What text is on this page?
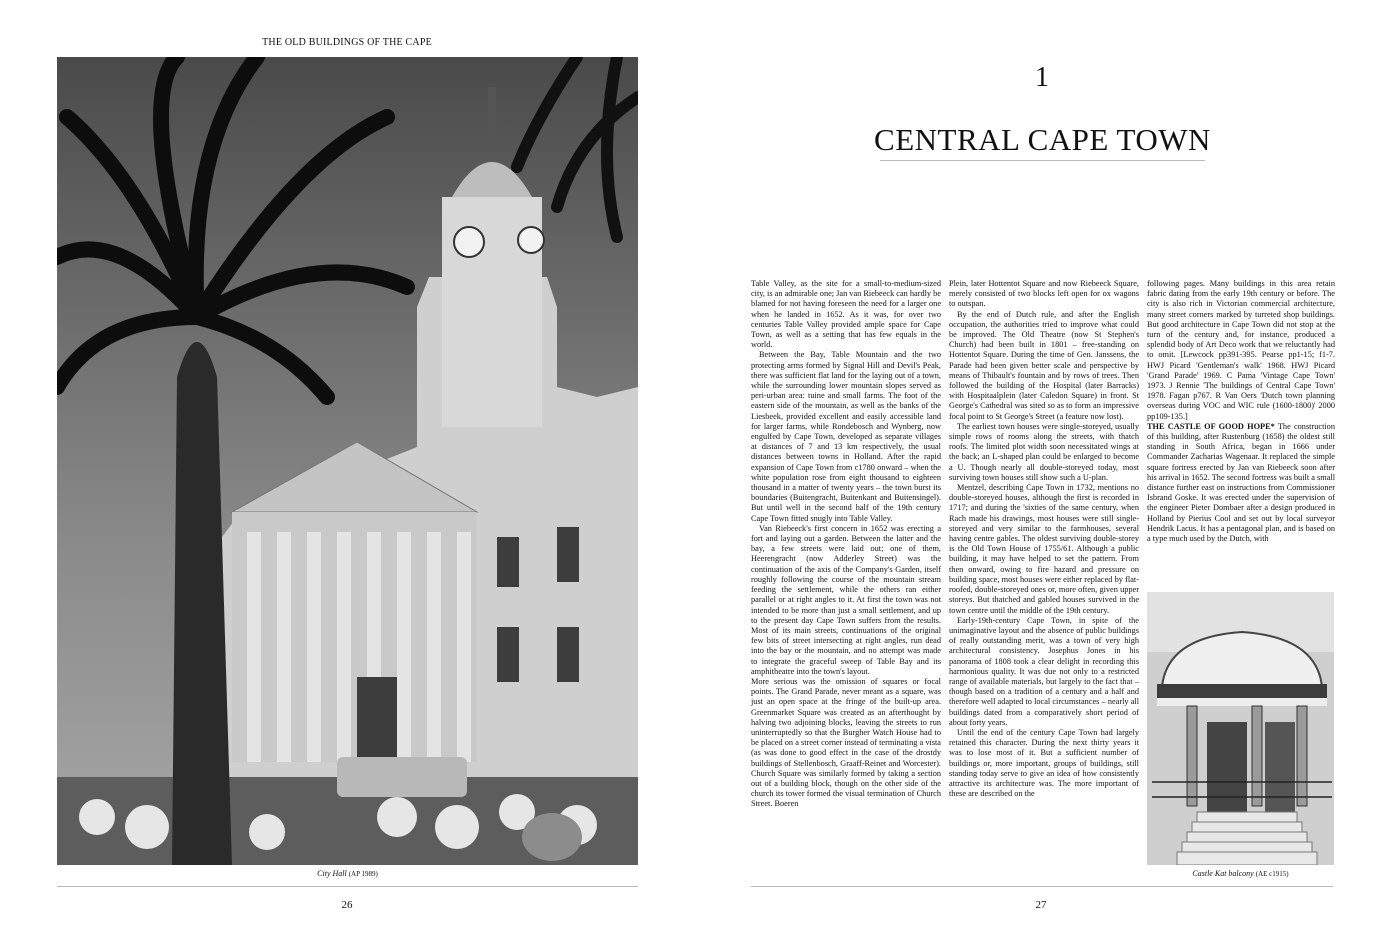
THE OLD BUILDINGS OF THE CAPE
City Hall (AP 1989)
26
1
CENTRAL CAPE TOWN

Table Valley, as the site for a small-to-medium-sized city, is an admirable one; Jan van Riebeeck can hardly be blamed for not having foreseen the need for a larger one when he landed in 1652. As it was, for over two centuries Table Valley provided ample space for Cape Town, as well as a setting that has few equals in the world.

Between the Bay, Table Mountain and the two protecting arms formed by Signal Hill and Devil's Peak, there was sufficient flat land for the laying out of a town, while the surrounding lower mountain slopes served as peri-urban area: tuine and small farms. The foot of the eastern side of the mountain, as well as the banks of the Liesbeek, provided excellent and easily accessible land for larger farms, while Rondebosch and Wynberg, now engulfed by Cape Town, developed as separate villages at distances of 7 and 13 km respectively, the usual distances between towns in Holland. After the rapid expansion of Cape Town from c1780 onward – when the white population rose from eight thousand to eighteen thousand in a matter of twenty years – the town burst its boundaries (Buitengracht, Buitenkant and Buitensingel). But until well in the second half of the 19th century Cape Town fitted snugly into Table Valley.

Van Riebeeck's first concern in 1652 was erecting a fort and laying out a garden. Between the latter and the bay, a few streets were laid out; one of them, Heerengracht (now Adderley Street) was the continuation of the axis of the Company's Garden, itself roughly following the course of the mountain stream feeding the settlement, while the others ran either parallel or at right angles to it. At first the town was not intended to be more than just a small settlement, and up to the present day Cape Town suffers from the results. Most of its main streets, continuations of the original few bits of street intersecting at right angles, run dead into the bay or the mountain, and no attempt was made to integrate the graceful sweep of Table Bay and its amphitheatre into the town's layout.

More serious was the omission of squares or focal points. The Grand Parade, never meant as a square, was just an open space at the fringe of the built-up area. Greenmarket Square was created as an afterthought by halving two adjoining blocks, leaving the streets to run uninterruptedly so that the Burgher Watch House had to be placed on a street corner instead of terminating a vista (as was done to good effect in the case of the drostdy buildings of Stellenbosch, Graaff-Reinet and Worcester). Church Square was similarly formed by taking a section out of a building block, though on the other side of the church its tower formed the visual termination of Church Street. Boeren

Plein, later Hottentot Square and now Riebeeck Square, merely consisted of two blocks left open for ox wagons to outspan.

By the end of Dutch rule, and after the English occupation, the authorities tried to improve what could be improved. The Old Theatre (now St Stephen's Church) had been built in 1801 – free-standing on Hottentot Square. During the time of Gen. Janssens, the Parade had been given better scale and perspective by means of Thibault's fountain and by rows of trees. Then followed the building of the Hospital (later Barracks) with Hospitaalplein (later Caledon Square) in front. St George's Cathedral was sited so as to form an impressive focal point to St George's Street (a feature now lost).

The earliest town houses were single-storeyed, usually simple rows of rooms along the streets, with thatch roofs. The limited plot width soon necessitated wings at the back; an L-shaped plan could be enlarged to become a U. Though nearly all double-storeyed today, most surviving town houses still show such a U-plan.

Mentzel, describing Cape Town in 1732, mentions no double-storeyed houses, although the first is recorded in 1717; and during the 'sixties of the same century, when Rach made his drawings, most houses were still single-storeyed and very similar to the farmhouses, several having centre gables. The oldest surviving double-storey is the Old Town House of 1755/61. Although a public building, it may have helped to set the pattern. From then onward, owing to fire hazard and pressure on building space, most houses were either replaced by flat-roofed, double-storeyed ones or, more often, given upper storeys. But thatched and gabled houses survived in the town centre until the middle of the 19th century.

Early-19th-century Cape Town, in spite of the unimaginative layout and the absence of public buildings of really outstanding merit, was a town of very high architectural consistency. Josephus Jones in his panorama of 1808 took a clear delight in recording this harmonious quality. It was due not only to a restricted range of available materials, but largely to the fact that – though based on a tradition of a century and a half and therefore well adapted to local circumstances – nearly all buildings dated from a comparatively short period of about forty years.

Until the end of the century Cape Town had largely retained this character. During the next thirty years it was to lose most of it. But a sufficient number of buildings or, more important, groups of buildings, still standing today serve to give an idea of how consistently attractive its architecture was. The more important of these are described on the

following pages. Many buildings in this area retain fabric dating from the early 19th century or before. The city is also rich in Victorian commercial architecture, many street corners marked by turreted shop buildings. But good architecture in Cape Town did not stop at the turn of the century and, for instance, produced a splendid body of Art Deco work that we reluctantly had to omit. [Lewcock pp391-395. Pearse pp1-15; f1-7. HWJ Picard 'Gentleman's walk' 1968. HWJ Picard 'Grand Parade' 1969. C Pama 'Vintage Cape Town' 1973. J Rennie 'The buildings of Central Cape Town' 1978. Fagan p767. R Van Oers 'Dutch town planning overseas during VOC and WIC rule (1600-1800)' 2000 pp109-135.]

THE CASTLE OF GOOD HOPE* The construction of this building, after Rustenburg (1658) the oldest still standing in South Africa, began in 1666 under Commander Zacharias Wagenaar. It replaced the simple square fortress erected by Jan van Riebeeck soon after his arrival in 1652. The second fortress was built a small distance further east on instructions from Commissioner Isbrand Goske. It was erected under the supervision of the engineer Pieter Dombaer after a design produced in Holland by Pierius Cool and set out by local surveyor Hendrik Lacus. It has a pentagonal plan, and is based on a type much used by the Dutch, with

Castle Kat balcony (AE c1915)
27
